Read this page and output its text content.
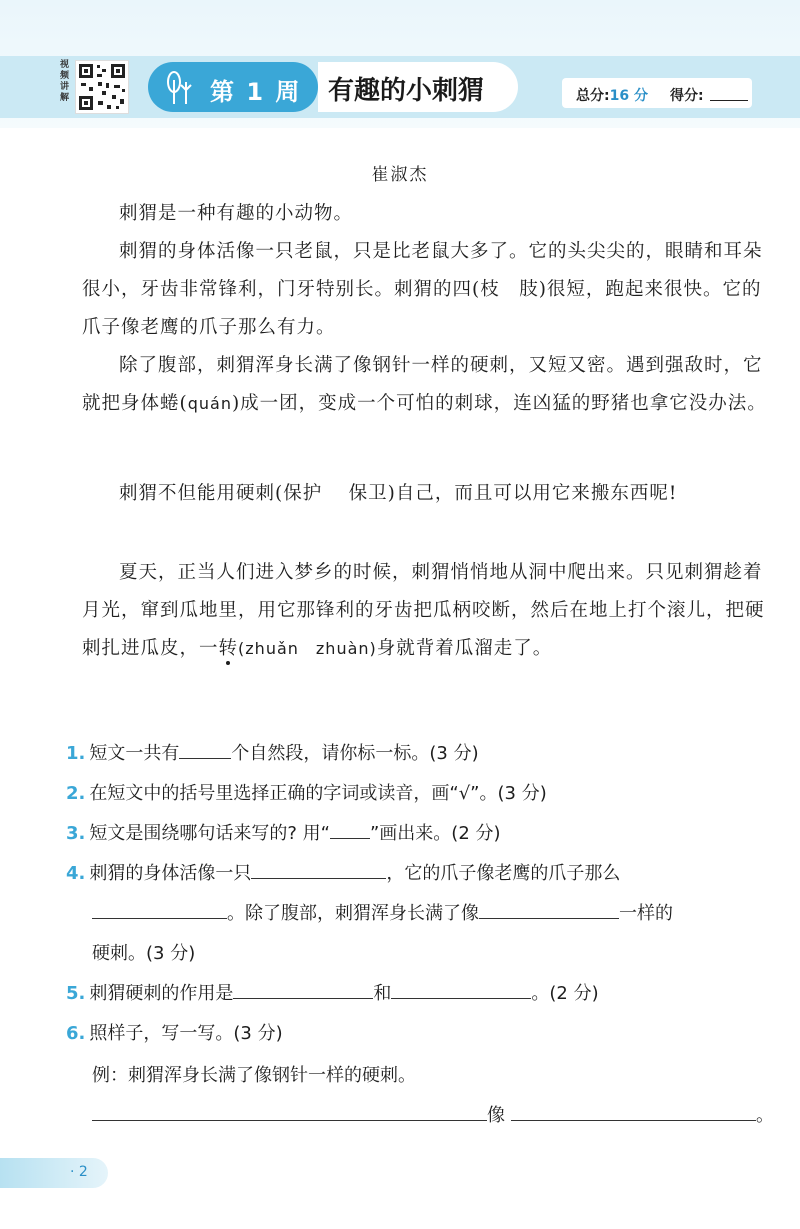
视
频
讲
解	第 1 周 有趣的小刺猬	总分:16 分 得分:
崔淑杰

刺猬是一种有趣的小动物。

刺猬的身体活像一只老鼠，只是比老鼠大多了。它的头尖尖的，眼睛和耳朵很小，牙齿非常锋利，门牙特别长。刺猬的四(枝　肢)很短，跑起来很快。它的爪子像老鹰的爪子那么有力。

除了腹部，刺猬浑身长满了像钢针一样的硬刺，又短又密。遇到强敌时，它就把身体蜷(quán)成一团，变成一个可怕的刺球，连凶猛的野猪也拿它没办法。

刺猬不但能用硬刺(保护　 保卫)自己，而且可以用它来搬东西呢!

夏天，正当人们进入梦乡的时候，刺猬悄悄地从洞中爬出来。只见刺猬趁着月光，窜到瓜地里，用它那锋利的牙齿把瓜柄咬断，然后在地上打个滚儿，把硬刺扎进瓜皮，一转(zhuǎn　zhuàn)身就背着瓜溜走了。

1. 短文一共有	个自然段，请你标一标。(3 分)
2. 在短文中的括号里选择正确的字词或读音，画“√”。(3 分)
3. 短文是围绕哪句话来写的? 用“ ”画出来。(2 分)
4. 刺猬的身体活像一只	，它的爪子像老鹰的爪子那么
。除了腹部，刺猬浑身长满了像	一样的
硬刺。(3 分)
5. 刺猬硬刺的作用是	和	。(2 分)
6. 照样子，写一写。(3 分)
例：刺猬浑身长满了像钢针一样的硬刺。
像	。
· 2
